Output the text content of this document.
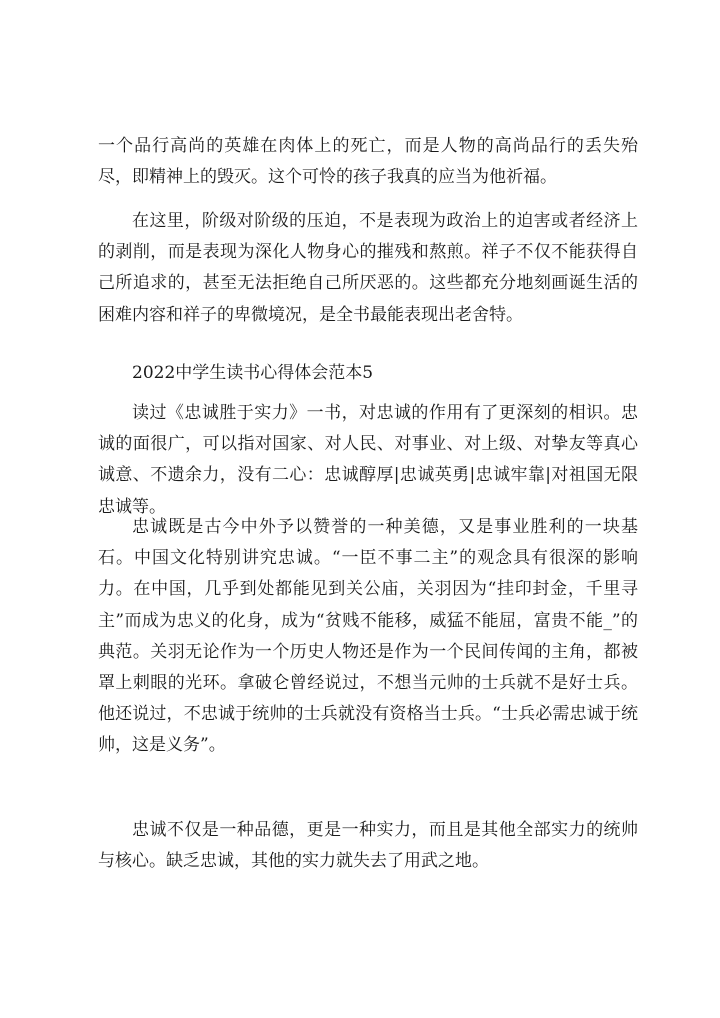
一个品行高尚的英雄在肉体上的死亡，而是人物的高尚品行的丢失殆尽，即精神上的毁灭。这个可怜的孩子我真的应当为他祈福。

在这里，阶级对阶级的压迫，不是表现为政治上的迫害或者经济上的剥削，而是表现为深化人物身心的摧残和熬煎。祥子不仅不能获得自己所追求的，甚至无法拒绝自己所厌恶的。这些都充分地刻画诞生活的困难内容和祥子的卑微境况，是全书最能表现出老舍特。

2022中学生读书心得体会范本5

读过《忠诚胜于实力》一书，对忠诚的作用有了更深刻的相识。忠诚的面很广，可以指对国家、对人民、对事业、对上级、对挚友等真心诚意、不遗余力，没有二心：忠诚醇厚|忠诚英勇|忠诚牢靠|对祖国无限忠诚等。

忠诚既是古今中外予以赞誉的一种美德，又是事业胜利的一块基石。中国文化特别讲究忠诚。“一臣不事二主”的观念具有很深的影响力。在中国，几乎到处都能见到关公庙，关羽因为“挂印封金，千里寻主”而成为忠义的化身，成为“贫贱不能移，威猛不能屈，富贵不能_”的典范。关羽无论作为一个历史人物还是作为一个民间传闻的主角，都被罩上刺眼的光环。拿破仑曾经说过，不想当元帅的士兵就不是好士兵。他还说过，不忠诚于统帅的士兵就没有资格当士兵。“士兵必需忠诚于统帅，这是义务”。

忠诚不仅是一种品德，更是一种实力，而且是其他全部实力的统帅与核心。缺乏忠诚，其他的实力就失去了用武之地。
